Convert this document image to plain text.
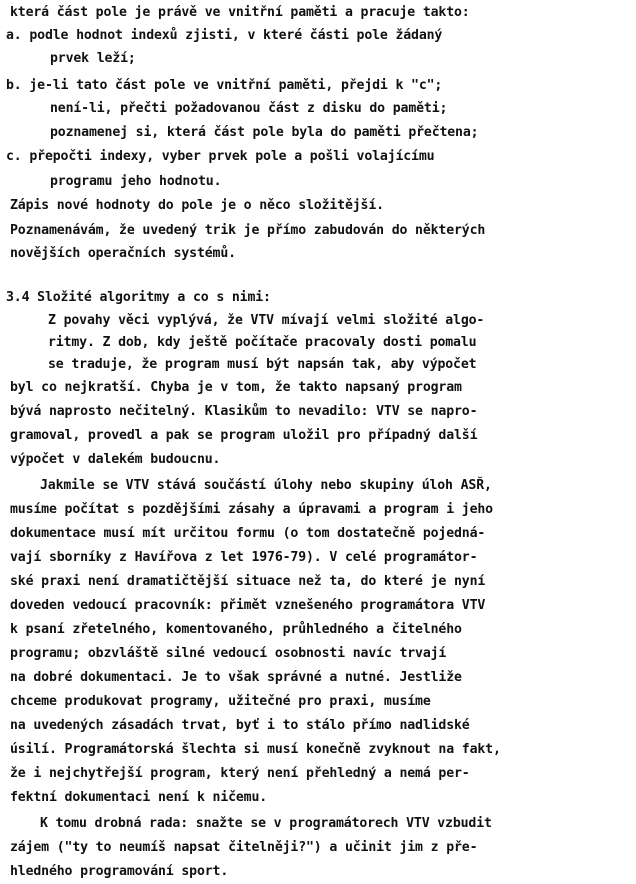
která část pole je právě ve vnitřní paměti a pracuje takto:
a. podle hodnot indexů zjisti, v které části pole žádaný
prvek leží;
b. je-li tato část pole ve vnitřní paměti, přejdi k "c";
není-li, přečti požadovanou část z disku do paměti;
poznamenej si, která část pole byla do paměti přečtena;
c. přepočti indexy, vyber prvek pole a pošli volajícímu
programu jeho hodnotu.
Zápis nové hodnoty do pole je o něco složitější.
Poznamenávám, že uvedený trik je přímo zabudován do některých
novějších operačních systémů.
3.4 Složité algoritmy a co s nimi:
Z povahy věci vyplývá, že VTV mívají velmi složité algo-
ritmy. Z dob, kdy ještě počítače pracovaly dosti pomalu
se traduje, že program musí být napsán tak, aby výpočet
byl co nejkratší. Chyba je v tom, že takto napsaný program
bývá naprosto nečitelný. Klasikům to nevadilo: VTV se napro-
gramoval, provedl a pak se program uložil pro případný další
výpočet v dalekém budoucnu.
Jakmile se VTV stává součástí úlohy nebo skupiny úloh ASŘ,
musíme počítat s pozdějšími zásahy a úpravami a program i jeho
dokumentace musí mít určitou formu (o tom dostatečně pojedná-
vají sborníky z Havířova z let 1976-79). V celé programátor-
ské praxi není dramatičtější situace než ta, do které je nyní
doveden vedoucí pracovník: přimět vznešeného programátora VTV
k psaní zřetelného, komentovaného, průhledného a čitelného
programu; obzvláště silné vedoucí osobnosti navíc trvají
na dobré dokumentaci. Je to však správné a nutné. Jestliže
chceme produkovat programy, užitečné pro praxi, musíme
na uvedených zásadách trvat, byť i to stálo přímo nadlidské
úsilí. Programátorská šlechta si musí konečně zvyknout na fakt,
že i nejchytřejší program, který není přehledný a nemá per-
fektní dokumentaci není k ničemu.
K tomu drobná rada: snažte se v programátorech VTV vzbudit
zájem ("ty to neumíš napsat čitelněji?") a učinit jim z pře-
hledného programování sport.
